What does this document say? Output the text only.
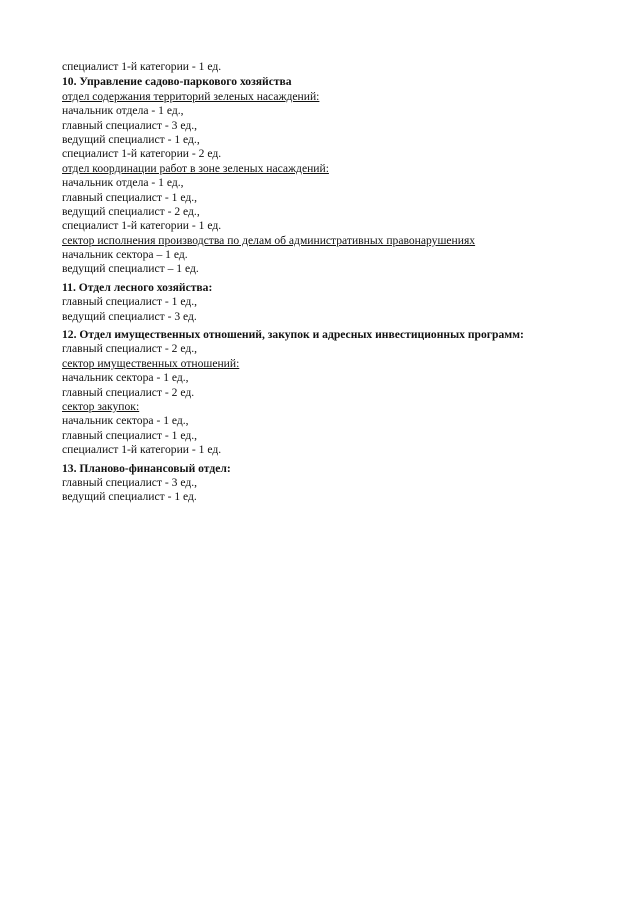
специалист 1-й категории - 1 ед.
10. Управление садово-паркового хозяйства
отдел содержания территорий зеленых насаждений:
начальник отдела - 1 ед.,
главный специалист - 3 ед.,
ведущий специалист - 1 ед.,
специалист 1-й категории - 2 ед.
отдел координации работ в зоне зеленых насаждений:
начальник отдела - 1 ед.,
главный специалист - 1 ед.,
ведущий специалист - 2 ед.,
специалист 1-й категории - 1 ед.
сектор исполнения производства по делам об административных правонарушениях
начальник сектора – 1 ед.
ведущий специалист – 1 ед.
11. Отдел лесного хозяйства:
главный специалист - 1 ед.,
ведущий специалист - 3 ед.
12. Отдел имущественных отношений, закупок и адресных инвестиционных программ:
главный специалист - 2 ед.,
сектор имущественных отношений:
начальник сектора - 1 ед.,
главный специалист - 2 ед.
сектор закупок:
начальник сектора - 1 ед.,
главный специалист - 1 ед.,
специалист 1-й категории - 1 ед.
13. Планово-финансовый отдел:
главный специалист - 3 ед.,
ведущий специалист - 1 ед.
